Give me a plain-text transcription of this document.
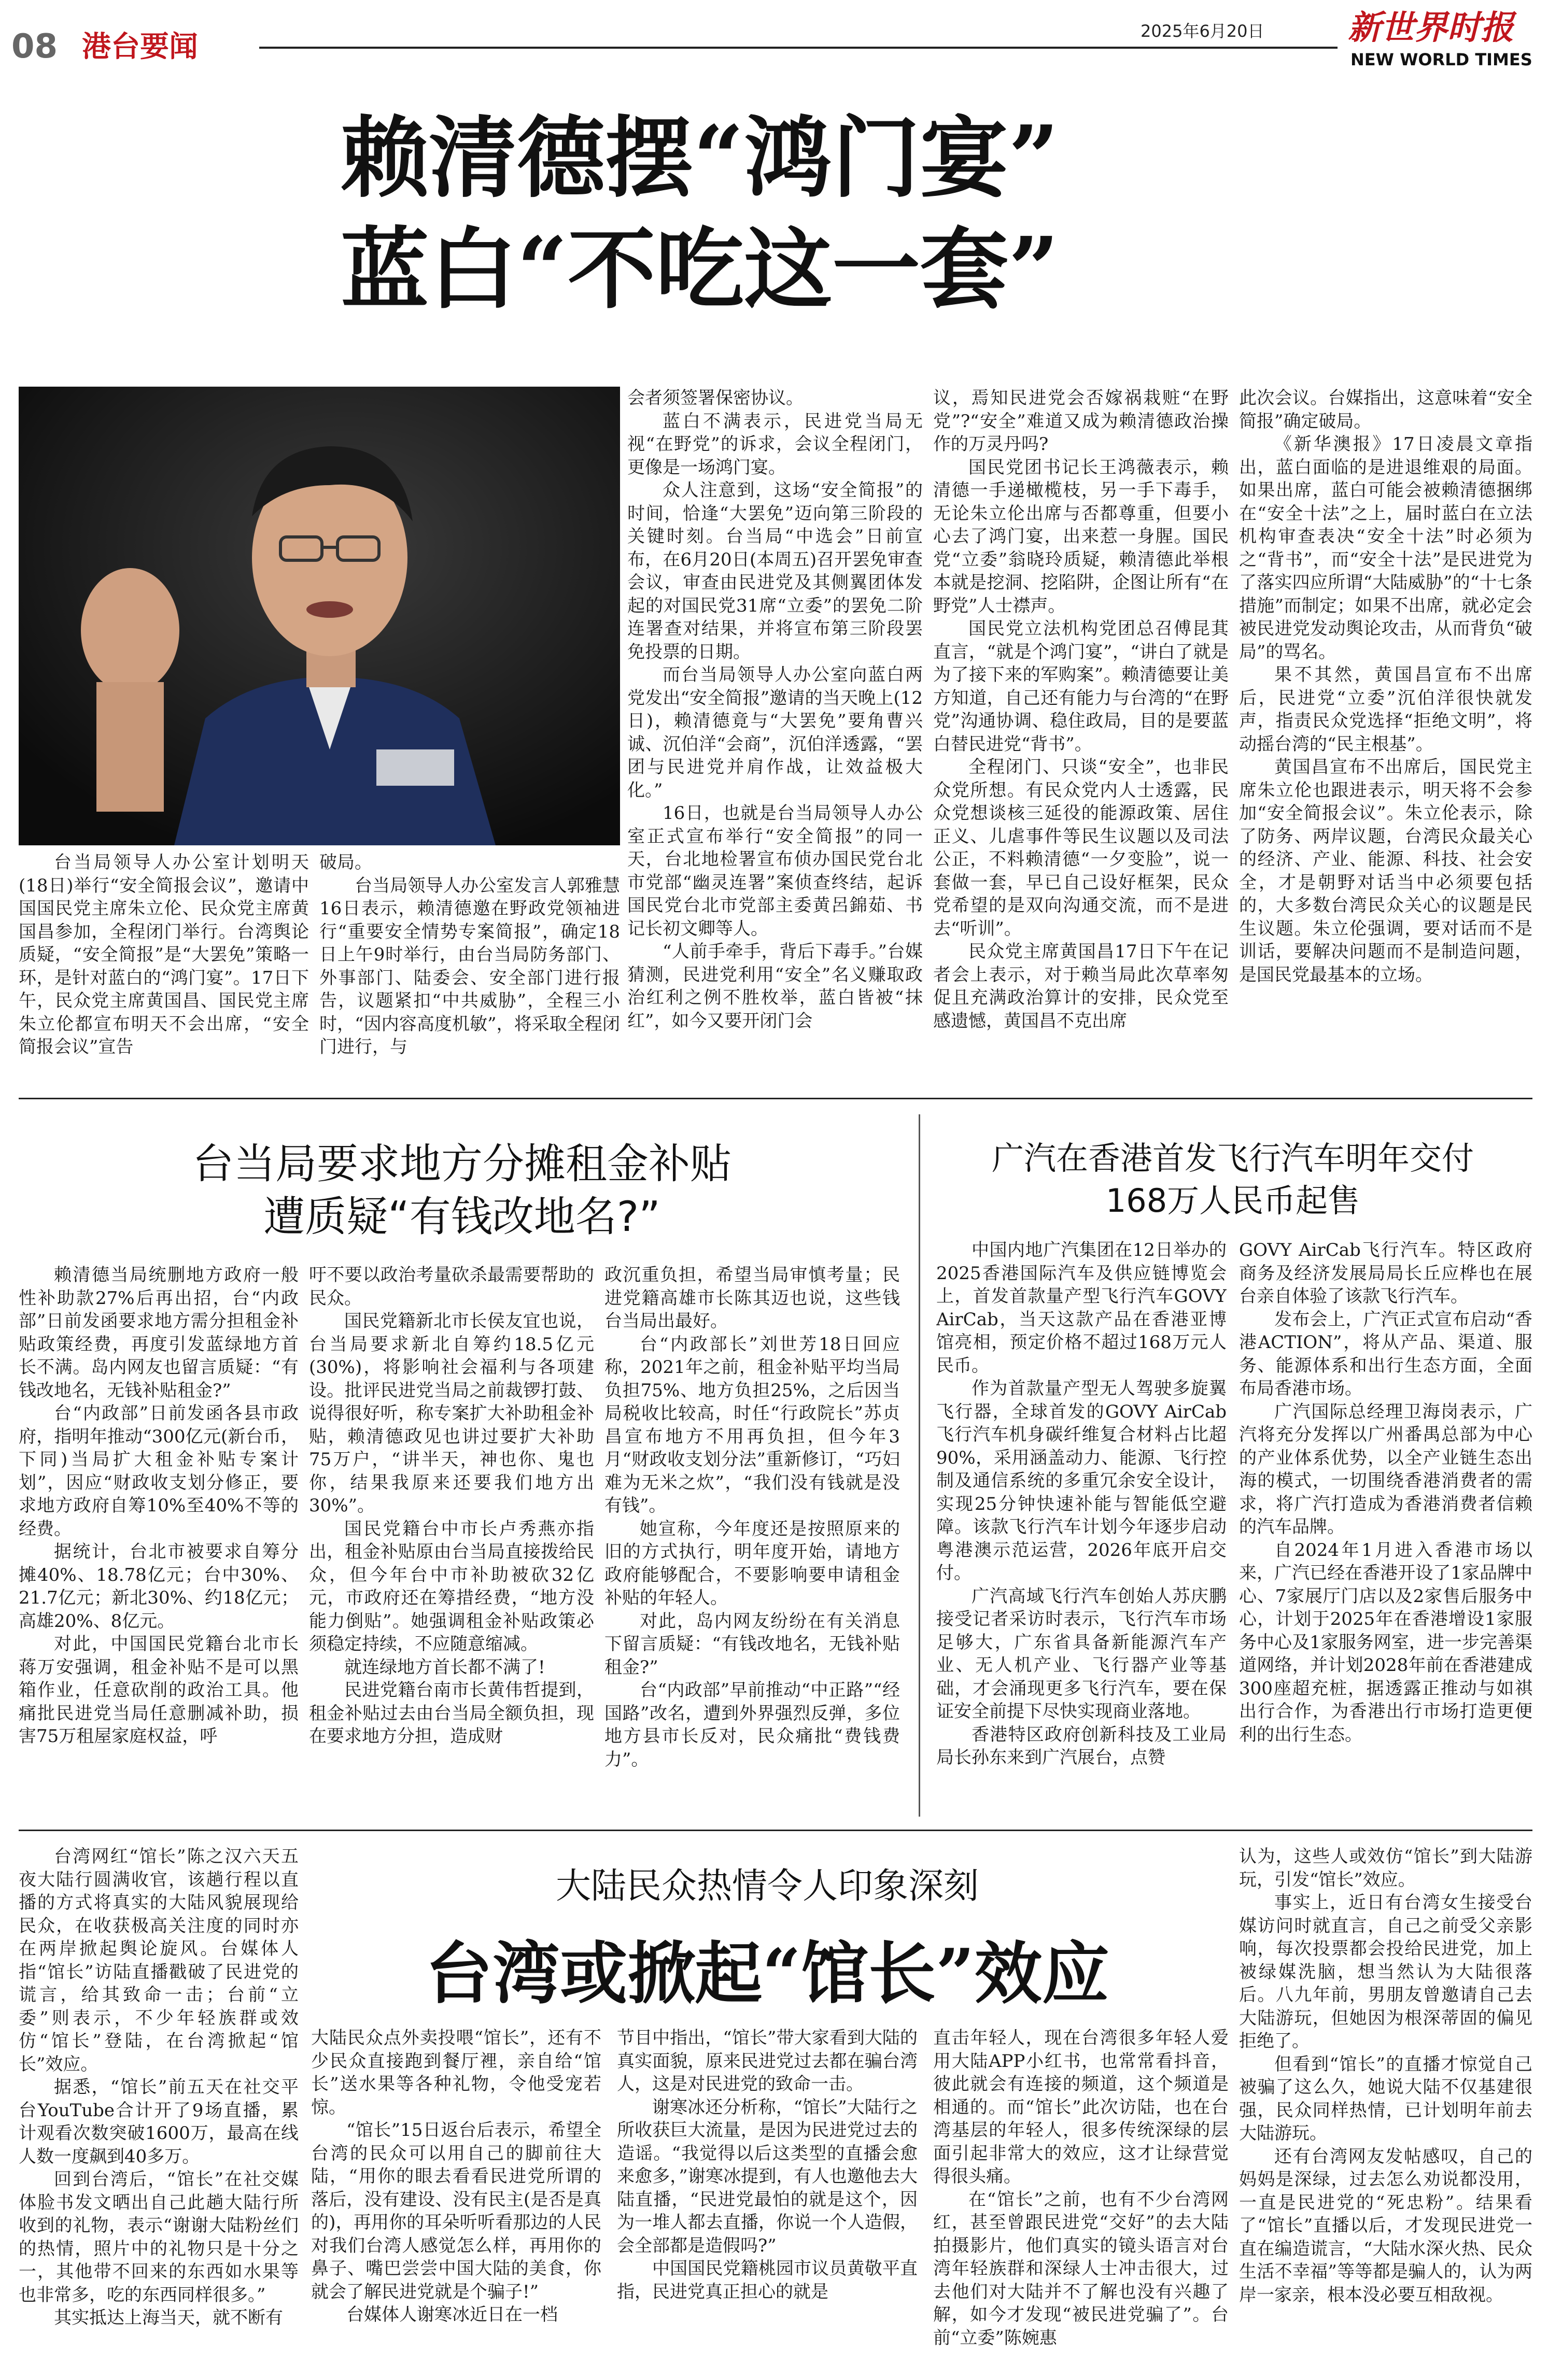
08 港台要闻	2025年6月20日	新世界时报
NEW WORLD TIMES
赖清德摆“鸿门宴”
蓝白“不吃这一套”

台当局领导人办公室计划明天(18日)举行“安全简报会议”，邀请中国国民党主席朱立伦、民众党主席黄国昌参加，全程闭门举行。台湾舆论质疑，“安全简报”是“大罢免”策略一环，是针对蓝白的“鸿门宴”。17日下午，民众党主席黄国昌、国民党主席朱立伦都宣布明天不会出席，“安全简报会议”宣告

破局。

台当局领导人办公室发言人郭雅慧16日表示，赖清德邀在野政党领袖进行“重要安全情势专案简报”，确定18日上午9时举行，由台当局防务部门、外事部门、陆委会、安全部门进行报告，议题紧扣“中共威胁”，全程三小时，“因内容高度机敏”，将采取全程闭门进行，与

会者须签署保密协议。

蓝白不满表示，民进党当局无视“在野党”的诉求，会议全程闭门，更像是一场鸿门宴。

众人注意到，这场“安全简报”的时间，恰逢“大罢免”迈向第三阶段的关键时刻。台当局“中选会”日前宣布，在6月20日(本周五)召开罢免审查会议，审查由民进党及其侧翼团体发起的对国民党31席“立委”的罢免二阶连署查对结果，并将宣布第三阶段罢免投票的日期。

而台当局领导人办公室向蓝白两党发出“安全简报”邀请的当天晚上(12日)，赖清德竟与“大罢免”要角曹兴诚、沉伯洋“会商”，沉伯洋透露，“罢团与民进党并肩作战，让效益极大化。”

16日，也就是台当局领导人办公室正式宣布举行“安全简报”的同一天，台北地检署宣布侦办国民党台北市党部“幽灵连署”案侦查终结，起诉国民党台北市党部主委黄呂錦茹、书记长初文卿等人。

“人前手牵手，背后下毒手。”台媒猜测，民进党利用“安全”名义赚取政治红利之例不胜枚举，蓝白皆被“抹红”，如今又要开闭门会

议，焉知民进党会否嫁祸栽赃“在野党”?“安全”难道又成为赖清德政治操作的万灵丹吗?

国民党团书记长王鸿薇表示，赖清德一手递橄榄枝，另一手下毒手，无论朱立伦出席与否都尊重，但要小心去了鸿门宴，出来惹一身腥。国民党“立委”翁晓玲质疑，赖清德此举根本就是挖洞、挖陷阱，企图让所有“在野党”人士襟声。

国民党立法机构党团总召傅昆萁直言，“就是个鸿门宴”，“讲白了就是为了接下来的军购案”。赖清德要让美方知道，自己还有能力与台湾的“在野党”沟通协调、稳住政局，目的是要蓝白替民进党“背书”。

全程闭门、只谈“安全”，也非民众党所想。有民众党内人士透露，民众党想谈核三延役的能源政策、居住正义、儿虐事件等民生议题以及司法公正，不料赖清德“一夕变脸”，说一套做一套，早已自己设好框架，民众党希望的是双向沟通交流，而不是进去“听训”。

民众党主席黄国昌17日下午在记者会上表示，对于赖当局此次草率匆促且充满政治算计的安排，民众党至感遗憾，黄国昌不克出席

此次会议。台媒指出，这意味着“安全简报”确定破局。

《新华澳报》17日凌晨文章指出，蓝白面临的是进退维艰的局面。如果出席，蓝白可能会被赖清德捆绑在“安全十法”之上，届时蓝白在立法机构审查表决“安全十法”时必须为之“背书”，而“安全十法”是民进党为了落实四应所谓“大陆威胁”的“十七条措施”而制定；如果不出席，就必定会被民进党发动舆论攻击，从而背负“破局”的骂名。

果不其然，黄国昌宣布不出席后，民进党“立委”沉伯洋很快就发声，指责民众党选择“拒绝文明”，将动摇台湾的“民主根基”。

黄国昌宣布不出席后，国民党主席朱立伦也跟进表示，明天将不会参加“安全简报会议”。朱立伦表示，除了防务、两岸议题，台湾民众最关心的经济、产业、能源、科技、社会安全，才是朝野对话当中必须要包括的，大多数台湾民众关心的议题是民生议题。朱立伦强调，要对话而不是训话，要解决问题而不是制造问题，是国民党最基本的立场。

台当局要求地方分摊租金补贴
遭质疑“有钱改地名?”

赖清德当局统删地方政府一般性补助款27%后再出招，台“内政部”日前发函要求地方需分担租金补贴政策经费，再度引发蓝绿地方首长不满。岛内网友也留言质疑：“有钱改地名，无钱补贴租金?”

台“内政部”日前发函各县市政府，指明年推动“300亿元(新台币，下同)当局扩大租金补贴专案计划”，因应“财政收支划分修正，要求地方政府自筹10%至40%不等的经费。

据统计，台北市被要求自筹分摊40%、18.78亿元；台中30%、21.7亿元；新北30%、约18亿元；高雄20%、8亿元。

对此，中国国民党籍台北市长蒋万安强调，租金补贴不是可以黑箱作业，任意砍削的政治工具。他痛批民进党当局任意删减补助，损害75万租屋家庭权益，呼

吁不要以政治考量砍杀最需要帮助的民众。

国民党籍新北市长侯友宜也说，台当局要求新北自筹约18.5亿元(30%)，将影响社会福利与各项建设。批评民进党当局之前裁锣打鼓、说得很好听，称专案扩大补助租金补贴，赖清德政见也讲过要扩大补助75万户，“讲半天，神也你、鬼也你，结果我原来还要我们地方出30%”。

国民党籍台中市长卢秀燕亦指出，租金补贴原由台当局直接拨给民众，但今年台中市补助被砍32亿元，市政府还在筹措经费，“地方没能力倒贴”。她强调租金补贴政策必须稳定持续，不应随意缩减。

就连绿地方首长都不满了!

民进党籍台南市长黄伟哲提到，租金补贴过去由台当局全额负担，现在要求地方分担，造成财

政沉重负担，希望当局审慎考量；民进党籍高雄市长陈其迈也说，这些钱台当局出最好。

台“内政部长”刘世芳18日回应称，2021年之前，租金补贴平均当局负担75%、地方负担25%，之后因当局税收比较高，时任“行政院长”苏贞昌宣布地方不用再负担，但今年3月“财政收支划分法”重新修订，“巧妇难为无米之炊”，“我们没有钱就是没有钱”。

她宣称，今年度还是按照原来的旧的方式执行，明年度开始，请地方政府能够配合，不要影响要申请租金补贴的年轻人。

对此，岛内网友纷纷在有关消息下留言质疑：“有钱改地名，无钱补贴租金?”

台“内政部”早前推动“中正路”“经国路”改名，遭到外界强烈反弹，多位地方县市长反对，民众痛批“费钱费力”。

广汽在香港首发飞行汽车明年交付
168万人民币起售

中国内地广汽集团在12日举办的2025香港国际汽车及供应链博览会上，首发首款量产型飞行汽车GOVY AirCab，当天这款产品在香港亚博馆亮相，预定价格不超过168万元人民币。

作为首款量产型无人驾驶多旋翼飞行器，全球首发的GOVY AirCab飞行汽车机身碳纤维复合材料占比超90%，采用涵盖动力、能源、飞行控制及通信系统的多重冗余安全设计，实现25分钟快速补能与智能低空避障。该款飞行汽车计划今年逐步启动粤港澳示范运营，2026年底开启交付。

广汽高域飞行汽车创始人苏庆鹏接受记者采访时表示，飞行汽车市场足够大，广东省具备新能源汽车产业、无人机产业、飞行器产业等基础，才会涌现更多飞行汽车，要在保证安全前提下尽快实现商业落地。

香港特区政府创新科技及工业局局长孙东来到广汽展台，点赞

GOVY AirCab飞行汽车。特区政府商务及经济发展局局长丘应桦也在展台亲自体验了该款飞行汽车。

发布会上，广汽正式宣布启动“香港ACTION”，将从产品、渠道、服务、能源体系和出行生态方面，全面布局香港市场。

广汽国际总经理卫海岗表示，广汽将充分发挥以广州番禺总部为中心的产业体系优势，以全产业链生态出海的模式，一切围绕香港消费者的需求，将广汽打造成为香港消费者信赖的汽车品牌。

自2024年1月进入香港市场以来，广汽已经在香港开设了1家品牌中心、7家展厅门店以及2家售后服务中心，计划于2025年在香港增设1家服务中心及1家服务网室，进一步完善渠道网络，并计划2028年前在香港建成300座超充桩，据透露正推动与如祺出行合作，为香港出行市场打造更便利的出行生态。

大陆民众热情令人印象深刻
台湾或掀起“馆长”效应

台湾网红“馆长”陈之汉六天五夜大陆行圆满收官，该趟行程以直播的方式将真实的大陆风貌展现给民众，在收获极高关注度的同时亦在两岸掀起舆论旋风。台媒体人指“馆长”访陆直播戳破了民进党的谎言，给其致命一击；台前“立委”则表示，不少年轻族群或效仿“馆长”登陆，在台湾掀起“馆长”效应。

据悉，“馆长”前五天在社交平台YouTube合计开了9场直播，累计观看次数突破1600万，最高在线人数一度飙到40多万。

回到台湾后，“馆长”在社交媒体脸书发文晒出自己此趟大陆行所收到的礼物，表示“谢谢大陆粉丝们的热情，照片中的礼物只是十分之一，其他带不回来的东西如水果等也非常多，吃的东西同样很多。”

其实抵达上海当天，就不断有

大陆民众点外卖投喂“馆长”，还有不少民众直接跑到餐厅裡，亲自给“馆长”送水果等各种礼物，令他受宠若惊。

“馆长”15日返台后表示，希望全台湾的民众可以用自己的脚前往大陆，“用你的眼去看看民进党所谓的落后，没有建设、没有民主(是否是真的)，再用你的耳朵听听看那边的人民对我们台湾人感觉怎么样，再用你的鼻子、嘴巴尝尝中国大陆的美食，你就会了解民进党就是个骗子!”

台媒体人谢寒冰近日在一档

节目中指出，“馆长”带大家看到大陆的真实面貌，原来民进党过去都在骗台湾人，这是对民进党的致命一击。

谢寒冰还分析称，“馆长”大陆行之所收获巨大流量，是因为民进党过去的造谣。“我觉得以后这类型的直播会愈来愈多，”谢寒冰提到，有人也邀他去大陆直播，“民进党最怕的就是这个，因为一堆人都去直播，你说一个人造假，会全部都是造假吗?”

中国国民党籍桃园市议员黄敬平直指，民进党真正担心的就是

直击年轻人，现在台湾很多年轻人爱用大陆APP小红书，也常常看抖音，彼此就会有连接的频道，这个频道是相通的。而“馆长”此次访陆，也在台湾基层的年轻人，很多传统深绿的层面引起非常大的效应，这才让绿营觉得很头痛。

在“馆长”之前，也有不少台湾网红，甚至曾跟民进党“交好”的去大陆拍摄影片，他们真实的镜头语言对台湾年轻族群和深绿人士冲击很大，过去他们对大陆并不了解也没有兴趣了解，如今才发现“被民进党骗了”。台前“立委”陈婉惠

认为，这些人或效仿“馆长”到大陆游玩，引发“馆长”效应。

事实上，近日有台湾女生接受台媒访问时就直言，自己之前受父亲影响，每次投票都会投给民进党，加上被绿媒洗脑，想当然认为大陆很落后。八九年前，男朋友曾邀请自己去大陆游玩，但她因为根深蒂固的偏见拒绝了。

但看到“馆长”的直播才惊觉自己被骗了这么久，她说大陆不仅基建很强，民众同样热情，已计划明年前去大陆游玩。

还有台湾网友发帖感叹，自己的妈妈是深绿，过去怎么劝说都没用，一直是民进党的“死忠粉”。结果看了“馆长”直播以后，才发现民进党一直在编造谎言，“大陆水深火热、民众生活不幸福”等等都是骗人的，认为两岸一家亲，根本没必要互相敌视。
